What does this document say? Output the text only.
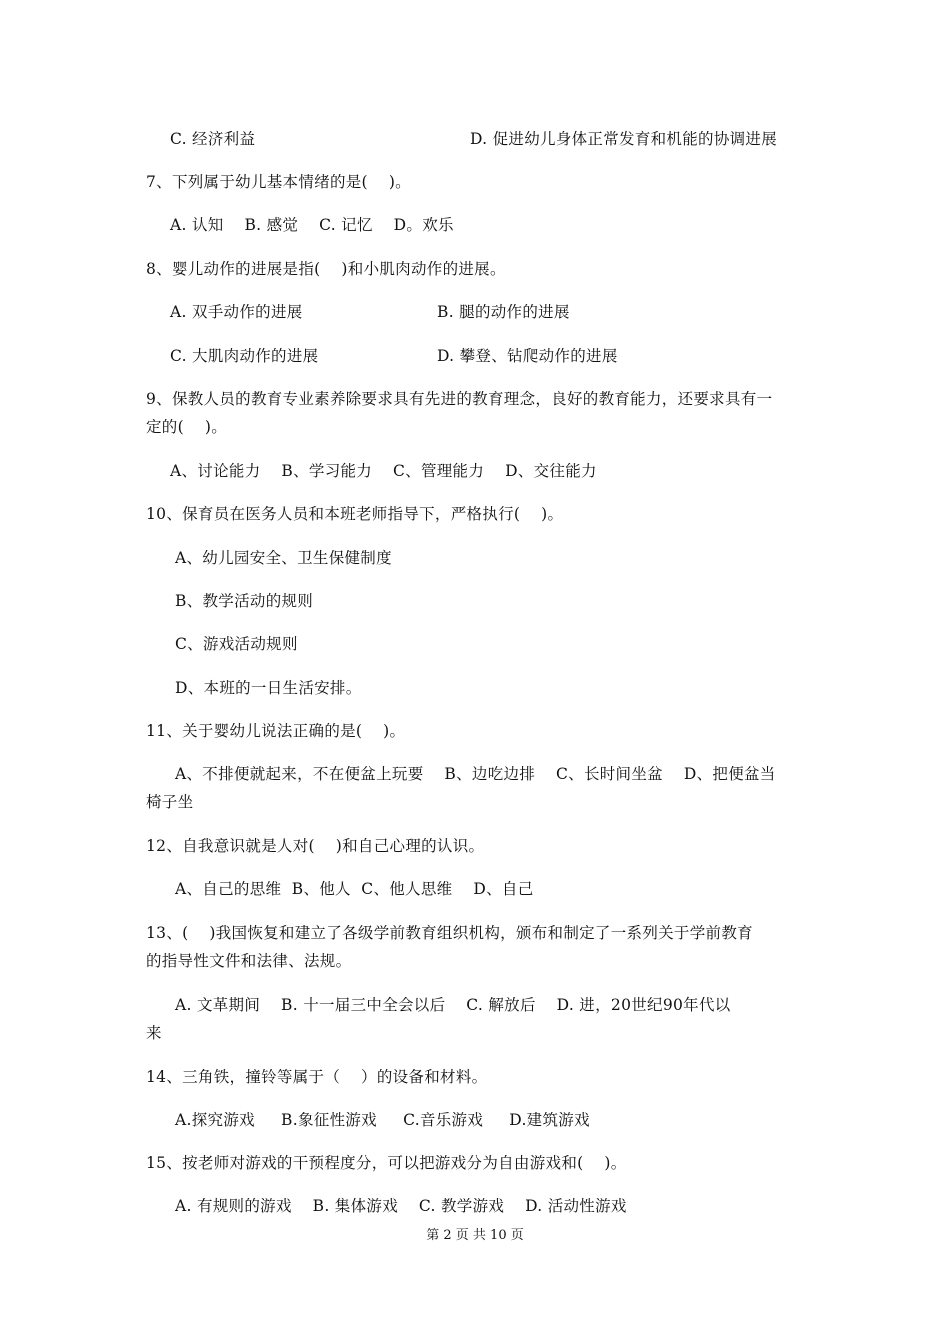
C. 经济利益	D. 促进幼儿身体正常发育和机能的协调进展
7、下列属于幼儿基本情绪的是(    )。
A. 认知    B. 感觉    C. 记忆    D。欢乐
8、婴儿动作的进展是指(    )和小肌肉动作的进展。
A. 双手动作的进展	B. 腿的动作的进展
C. 大肌肉动作的进展	D. 攀登、钻爬动作的进展
9、保教人员的教育专业素养除要求具有先进的教育理念，良好的教育能力，还要求具有一
定的(    )。
A、讨论能力    B、学习能力    C、管理能力    D、交往能力
10、保育员在医务人员和本班老师指导下，严格执行(    )。
A、幼儿园安全、卫生保健制度
B、教学活动的规则
C、游戏活动规则
D、本班的一日生活安排。
11、关于婴幼儿说法正确的是(    )。
A、不排便就起来，不在便盆上玩要    B、边吃边排    C、长时间坐盆    D、把便盆当
椅子坐
12、自我意识就是人对(    )和自己心理的认识。
A、自己的思维  B、他人  C、他人思维    D、自己
13、(    )我国恢复和建立了各级学前教育组织机构，颁布和制定了一系列关于学前教育
的指导性文件和法律、法规。
A. 文革期间    B. 十一届三中全会以后    C. 解放后    D. 进，20世纪90年代以
来
14、三角铁，撞铃等属于（    ）的设备和材料。
A.探究游戏     B.象征性游戏     C.音乐游戏     D.建筑游戏
15、按老师对游戏的干预程度分，可以把游戏分为自由游戏和(    )。
A. 有规则的游戏    B. 集体游戏    C. 教学游戏    D. 活动性游戏
第 2 页 共 10 页
